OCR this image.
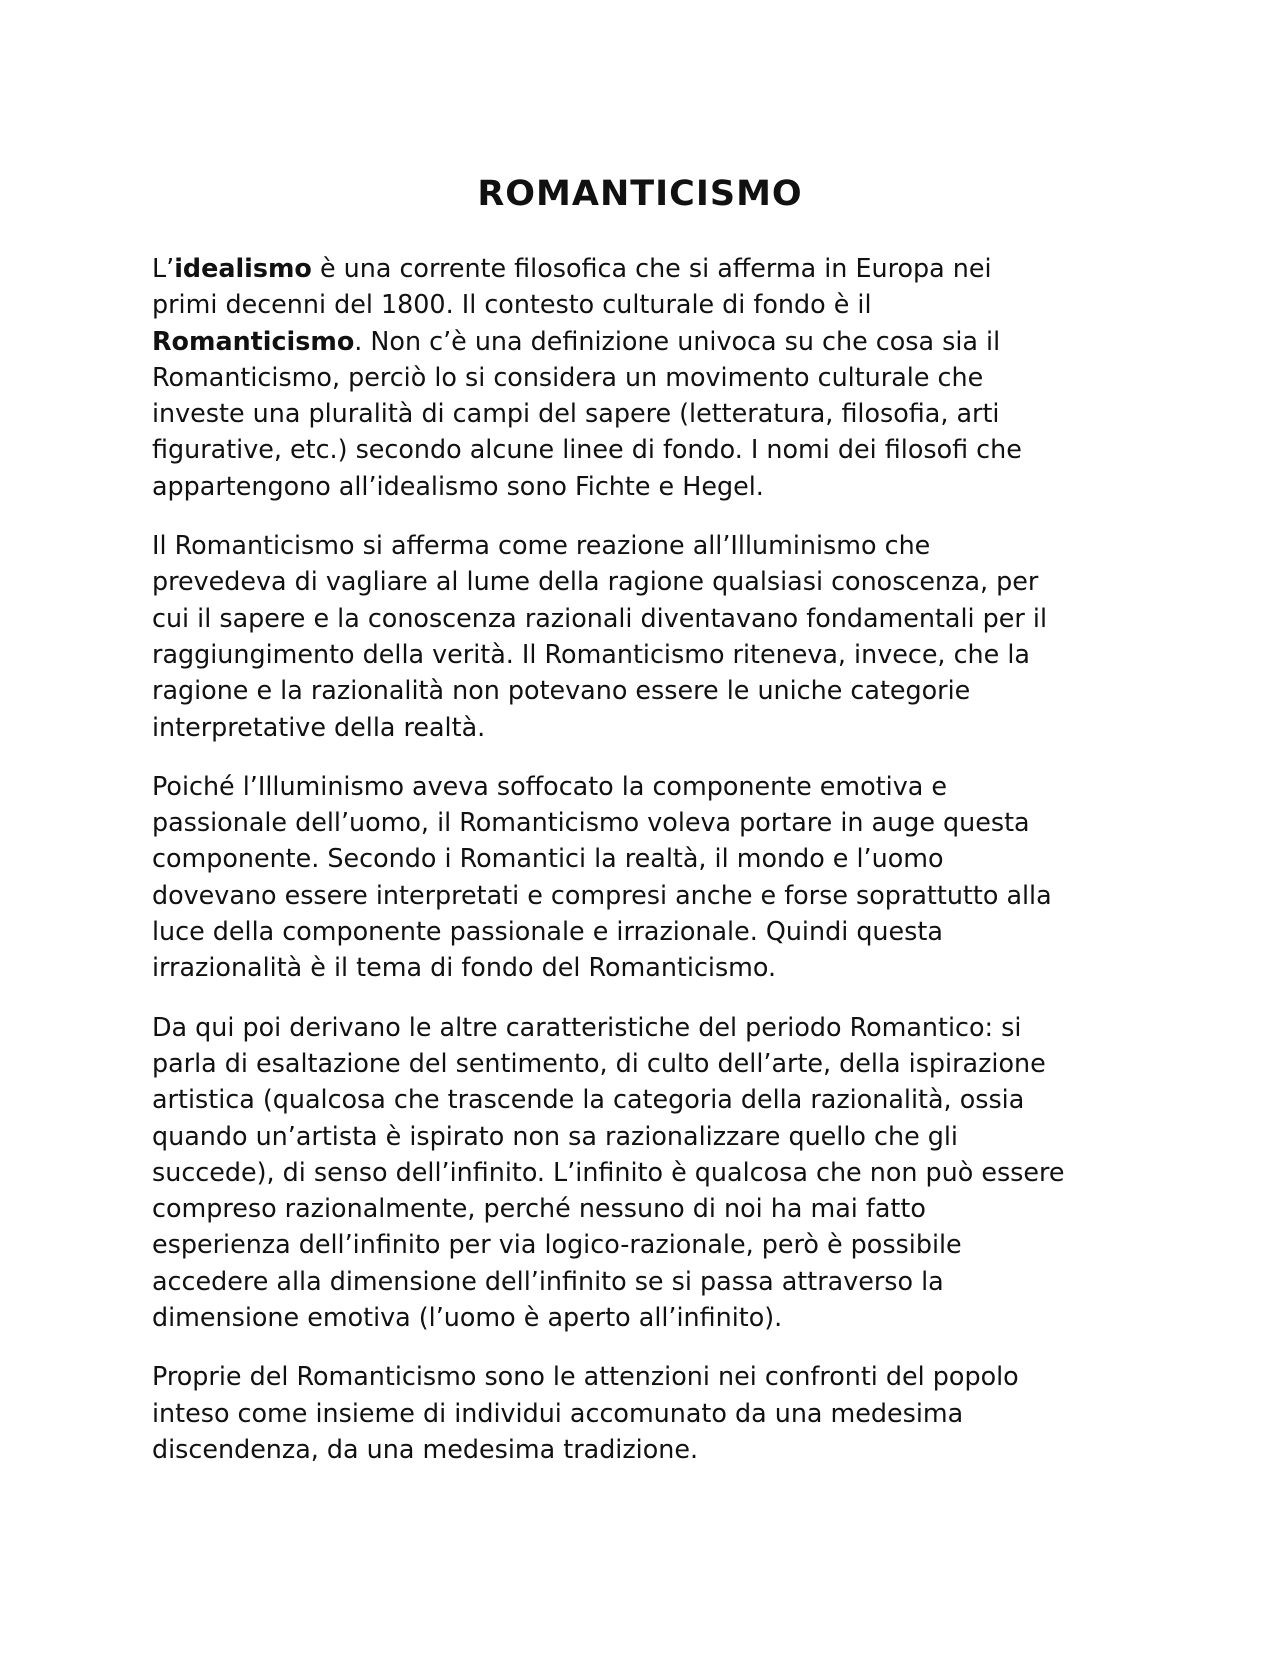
ROMANTICISMO

L’idealismo è una corrente filosofica che si afferma in Europa nei
primi decenni del 1800. Il contesto culturale di fondo è il
Romanticismo. Non c’è una definizione univoca su che cosa sia il
Romanticismo, perciò lo si considera un movimento culturale che
investe una pluralità di campi del sapere (letteratura, filosofia, arti
figurative, etc.) secondo alcune linee di fondo. I nomi dei filosofi che
appartengono all’idealismo sono Fichte e Hegel.

Il Romanticismo si afferma come reazione all’Illuminismo che
prevedeva di vagliare al lume della ragione qualsiasi conoscenza, per
cui il sapere e la conoscenza razionali diventavano fondamentali per il
raggiungimento della verità. Il Romanticismo riteneva, invece, che la
ragione e la razionalità non potevano essere le uniche categorie
interpretative della realtà.

Poiché l’Illuminismo aveva soffocato la componente emotiva e
passionale dell’uomo, il Romanticismo voleva portare in auge questa
componente. Secondo i Romantici la realtà, il mondo e l’uomo
dovevano essere interpretati e compresi anche e forse soprattutto alla
luce della componente passionale e irrazionale. Quindi questa
irrazionalità è il tema di fondo del Romanticismo.

Da qui poi derivano le altre caratteristiche del periodo Romantico: si
parla di esaltazione del sentimento, di culto dell’arte, della ispirazione
artistica (qualcosa che trascende la categoria della razionalità, ossia
quando un’artista è ispirato non sa razionalizzare quello che gli
succede), di senso dell’infinito. L’infinito è qualcosa che non può essere
compreso razionalmente, perché nessuno di noi ha mai fatto
esperienza dell’infinito per via logico-razionale, però è possibile
accedere alla dimensione dell’infinito se si passa attraverso la
dimensione emotiva (l’uomo è aperto all’infinito).

Proprie del Romanticismo sono le attenzioni nei confronti del popolo
inteso come insieme di individui accomunato da una medesima
discendenza, da una medesima tradizione.
